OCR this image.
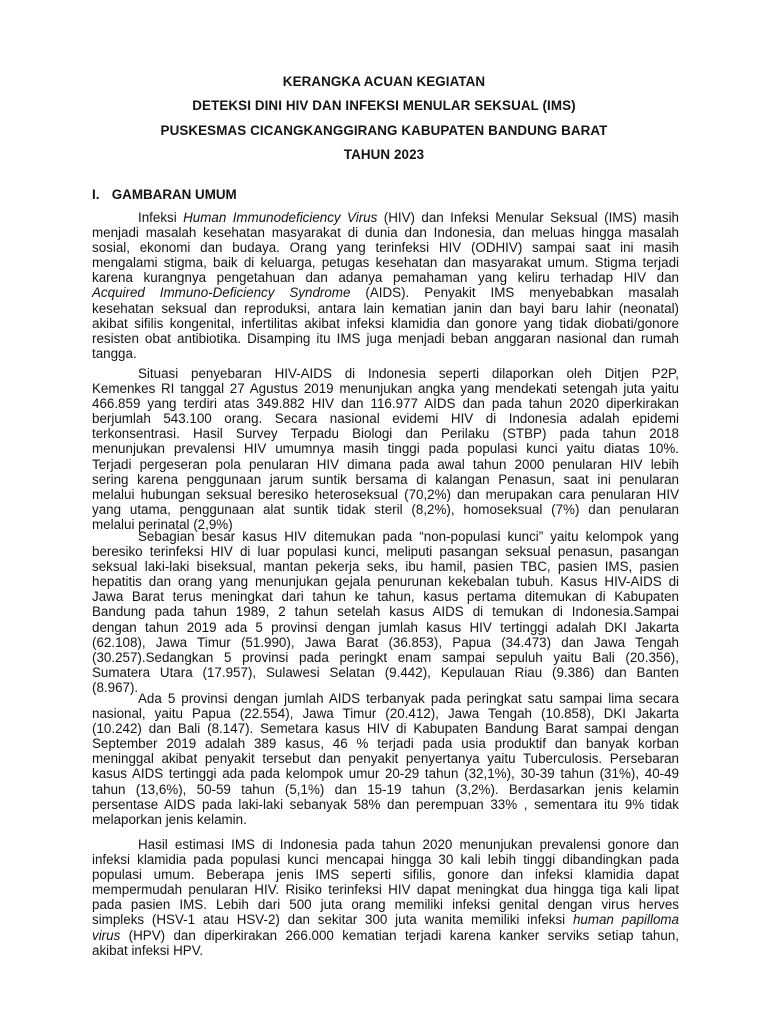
KERANGKA ACUAN KEGIATAN
DETEKSI DINI HIV DAN INFEKSI MENULAR SEKSUAL (IMS)
PUSKESMAS CICANGKANGGIRANG KABUPATEN BANDUNG BARAT
TAHUN 2023
I. GAMBARAN UMUM

Infeksi Human Immunodeficiency Virus (HIV) dan Infeksi Menular Seksual (IMS) masih
menjadi masalah kesehatan masyarakat di dunia dan Indonesia, dan meluas hingga masalah
sosial, ekonomi dan budaya. Orang yang terinfeksi HIV (ODHIV) sampai saat ini masih
mengalami stigma, baik di keluarga, petugas kesehatan dan masyarakat umum. Stigma terjadi
karena kurangnya pengetahuan dan adanya pemahaman yang keliru terhadap HIV dan
Acquired Immuno-Deficiency Syndrome (AIDS). Penyakit IMS menyebabkan masalah
kesehatan seksual dan reproduksi, antara lain kematian janin dan bayi baru lahir (neonatal)
akibat sifilis kongenital, infertilitas akibat infeksi klamidia dan gonore yang tidak diobati/gonore
resisten obat antibiotika. Disamping itu IMS juga menjadi beban anggaran nasional dan rumah
tangga.

Situasi penyebaran HIV-AIDS di Indonesia seperti dilaporkan oleh Ditjen P2P,
Kemenkes RI tanggal 27 Agustus 2019 menunjukan angka yang mendekati setengah juta yaitu
466.859 yang terdiri atas 349.882 HIV dan 116.977 AIDS dan pada tahun 2020 diperkirakan
berjumlah 543.100 orang. Secara nasional evidemi HIV di Indonesia adalah epidemi
terkonsentrasi. Hasil Survey Terpadu Biologi dan Perilaku (STBP) pada tahun 2018
menunjukan prevalensi HIV umumnya masih tinggi pada populasi kunci yaitu diatas 10%.
Terjadi pergeseran pola penularan HIV dimana pada awal tahun 2000 penularan HIV lebih
sering karena penggunaan jarum suntik bersama di kalangan Penasun, saat ini penularan
melalui hubungan seksual beresiko heteroseksual (70,2%) dan merupakan cara penularan HIV
yang utama, penggunaan alat suntik tidak steril (8,2%), homoseksual (7%) dan penularan
melalui perinatal (2,9%)

Sebagian besar kasus HIV ditemukan pada “non-populasi kunci” yaitu kelompok yang
beresiko terinfeksi HIV di luar populasi kunci, meliputi pasangan seksual penasun, pasangan
seksual laki-laki biseksual, mantan pekerja seks, ibu hamil, pasien TBC, pasien IMS, pasien
hepatitis dan orang yang menunjukan gejala penurunan kekebalan tubuh. Kasus HIV-AIDS di
Jawa Barat terus meningkat dari tahun ke tahun, kasus pertama ditemukan di Kabupaten
Bandung pada tahun 1989, 2 tahun setelah kasus AIDS di temukan di Indonesia.Sampai
dengan tahun 2019 ada 5 provinsi dengan jumlah kasus HIV tertinggi adalah DKI Jakarta
(62.108), Jawa Timur (51.990), Jawa Barat (36.853), Papua (34.473) dan Jawa Tengah
(30.257).Sedangkan 5 provinsi pada peringkt enam sampai sepuluh yaitu Bali (20.356),
Sumatera Utara (17.957), Sulawesi Selatan (9.442), Kepulauan Riau (9.386) dan Banten
(8.967).

Ada 5 provinsi dengan jumlah AIDS terbanyak pada peringkat satu sampai lima secara
nasional, yaitu Papua (22.554), Jawa Timur (20.412), Jawa Tengah (10.858), DKI Jakarta
(10.242) dan Bali (8.147). Semetara kasus HIV di Kabupaten Bandung Barat sampai dengan
September 2019 adalah 389 kasus, 46 % terjadi pada usia produktif dan banyak korban
meninggal akibat penyakit tersebut dan penyakit penyertanya yaitu Tuberculosis. Persebaran
kasus AIDS tertinggi ada pada kelompok umur 20-29 tahun (32,1%), 30-39 tahun (31%), 40-49
tahun (13,6%), 50-59 tahun (5,1%) dan 15-19 tahun (3,2%). Berdasarkan jenis kelamin
persentase AIDS pada laki-laki sebanyak 58% dan perempuan 33% , sementara itu 9% tidak
melaporkan jenis kelamin.

Hasil estimasi IMS di Indonesia pada tahun 2020 menunjukan prevalensi gonore dan
infeksi klamidia pada populasi kunci mencapai hingga 30 kali lebih tinggi dibandingkan pada
populasi umum. Beberapa jenis IMS seperti sifilis, gonore dan infeksi klamidia dapat
mempermudah penularan HIV. Risiko terinfeksi HIV dapat meningkat dua hingga tiga kali lipat
pada pasien IMS. Lebih dari 500 juta orang memiliki infeksi genital dengan virus herves
simpleks (HSV-1 atau HSV-2) dan sekitar 300 juta wanita memiliki infeksi human papilloma
virus (HPV) dan diperkirakan 266.000 kematian terjadi karena kanker serviks setiap tahun,
akibat infeksi HPV.
